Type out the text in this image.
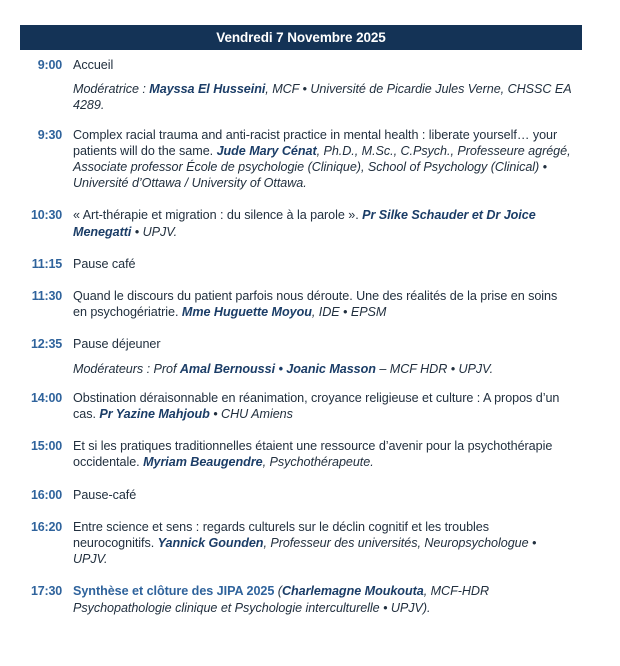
Vendredi 7 Novembre 2025
9:00 Accueil
Modératrice : Mayssa El Husseini, MCF • Université de Picardie Jules Verne, CHSSC EA 4289.
9:30 Complex racial trauma and anti-racist practice in mental health : liberate yourself… your patients will do the same. Jude Mary Cénat, Ph.D., M.Sc., C.Psych., Professeure agrégé, Associate professor École de psychologie (Clinique), School of Psychology (Clinical) • Université d’Ottawa / University of Ottawa.
10:30 « Art-thérapie et migration : du silence à la parole ». Pr Silke Schauder et Dr Joice Menegatti • UPJV.
11:15 Pause café
11:30 Quand le discours du patient parfois nous déroute. Une des réalités de la prise en soins en psychogériatrie. Mme Huguette Moyou, IDE • EPSM
12:35 Pause déjeuner
Modérateurs : Prof Amal Bernoussi • Joanic Masson – MCF HDR • UPJV.
14:00 Obstination déraisonnable en réanimation, croyance religieuse et culture : A propos d’un cas. Pr Yazine Mahjoub • CHU Amiens
15:00 Et si les pratiques traditionnelles étaient une ressource d’avenir pour la psychothérapie occidentale. Myriam Beaugendre, Psychothérapeute.
16:00 Pause-café
16:20 Entre science et sens : regards culturels sur le déclin cognitif et les troubles neurocognitifs. Yannick Gounden, Professeur des universités, Neuropsychologue • UPJV.
17:30 Synthèse et clôture des JIPA 2025 (Charlemagne Moukouta, MCF-HDR Psychopathologie clinique et Psychologie interculturelle • UPJV).
